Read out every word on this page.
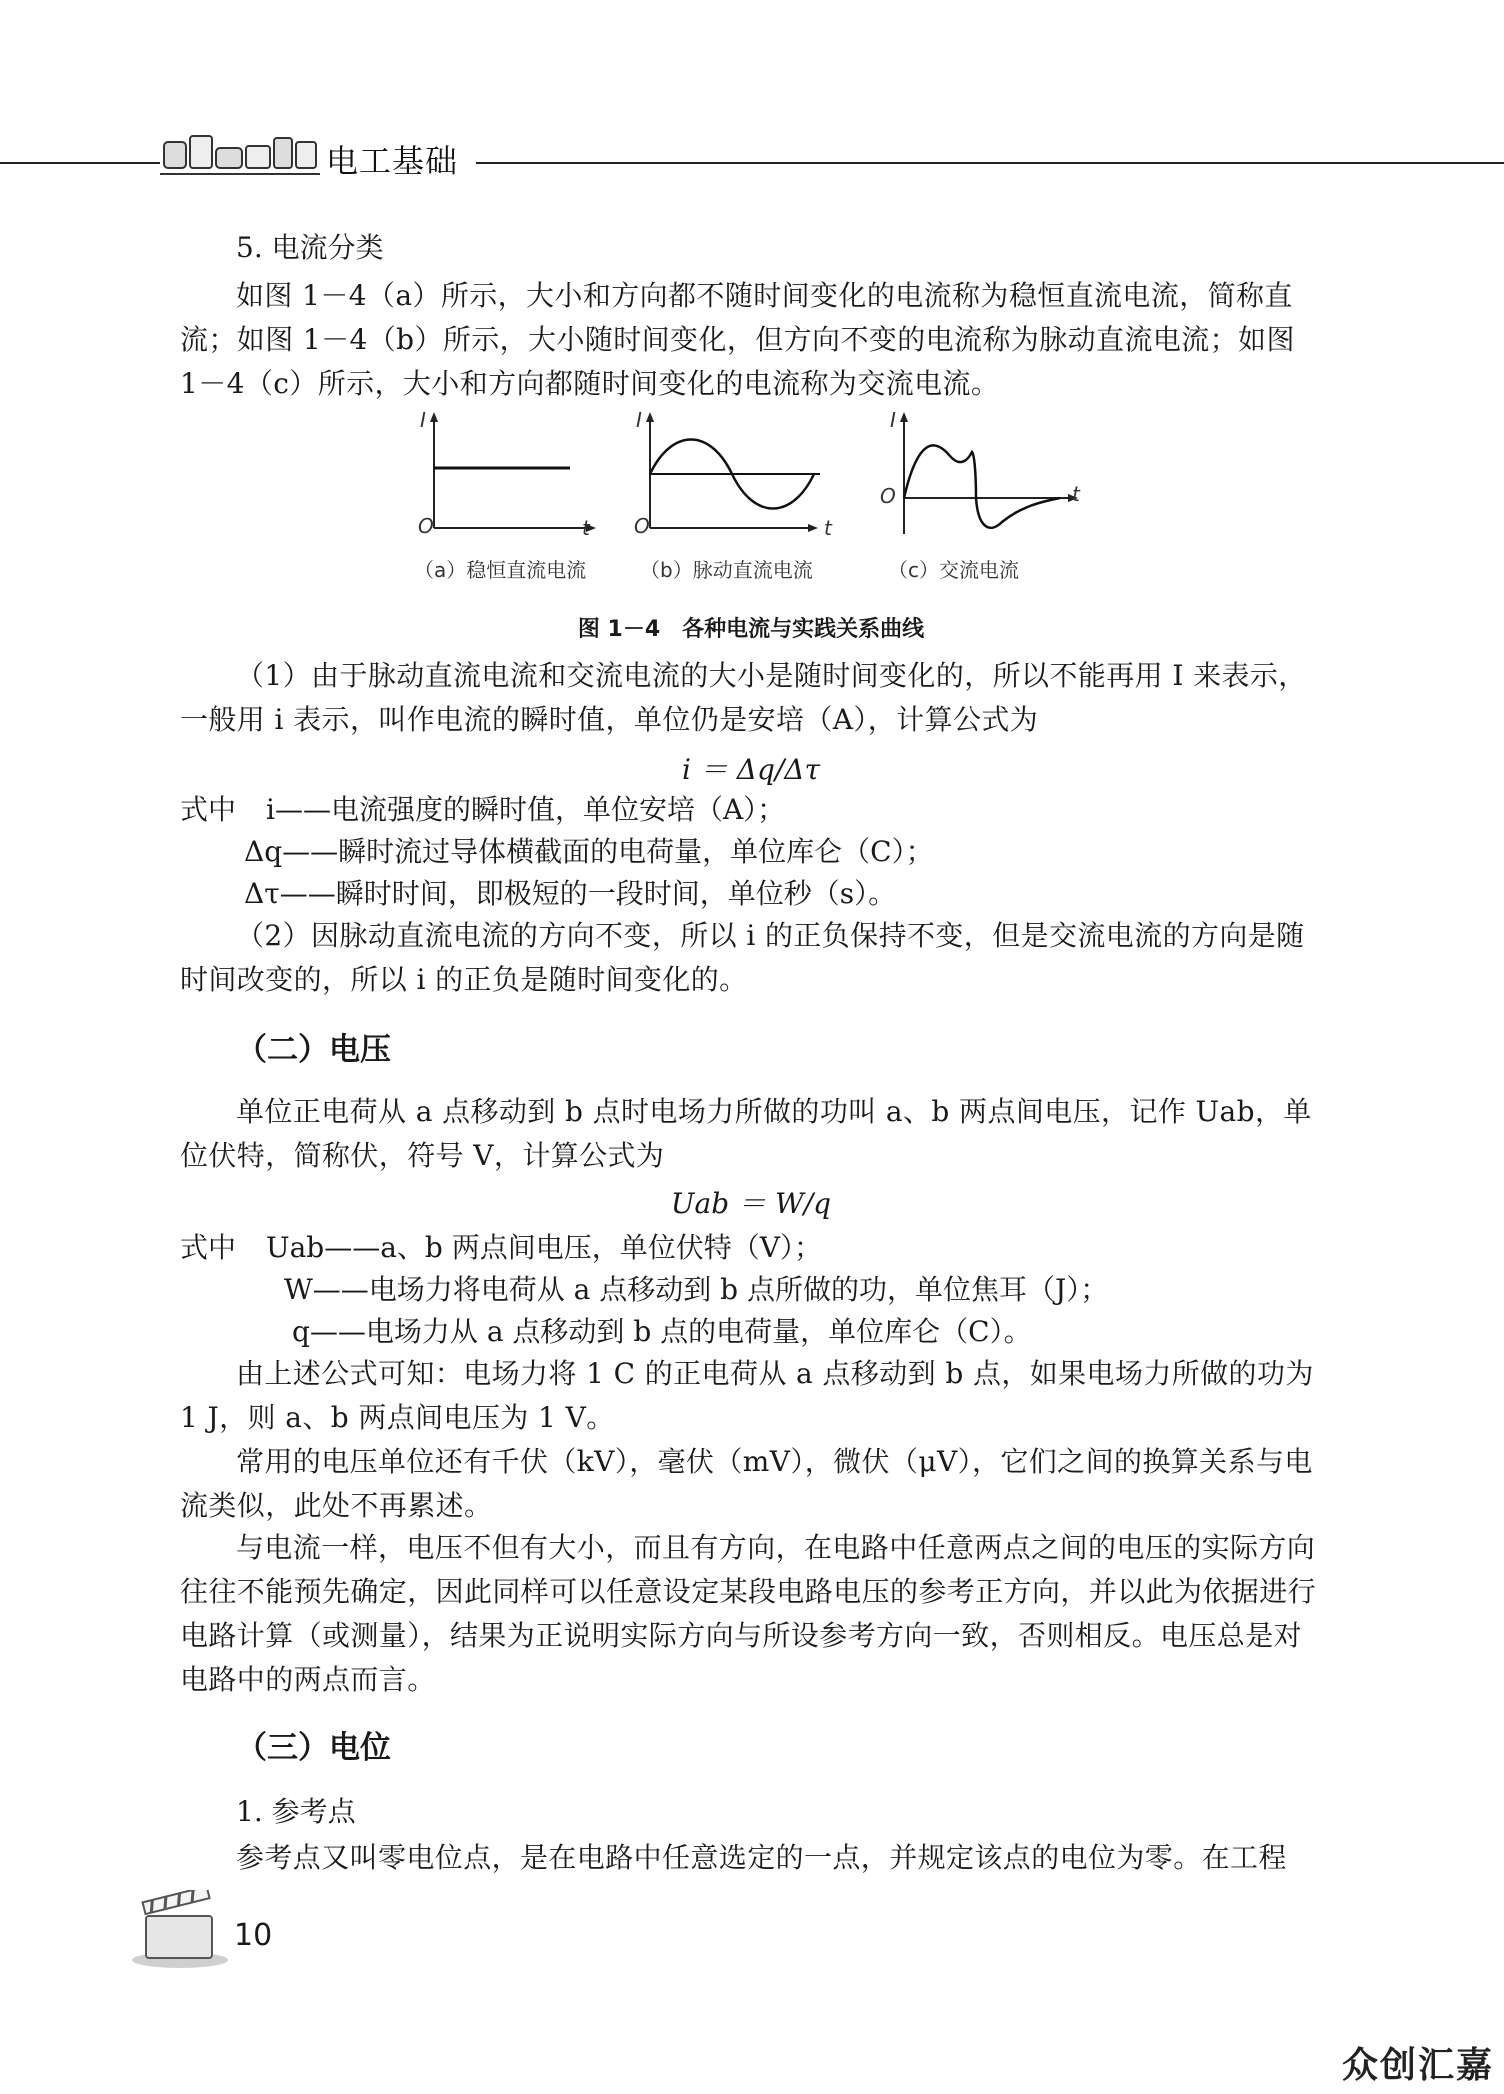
电工基础
5. 电流分类
如图 1－4（a）所示，大小和方向都不随时间变化的电流称为稳恒直流电流，简称直流；如图 1－4（b）所示，大小随时间变化，但方向不变的电流称为脉动直流电流；如图 1－4（c）所示，大小和方向都随时间变化的电流称为交流电流。
I
t
O
I
t
O
I
t
O
（a）稳恒直流电流	（b）脉动直流电流	（c）交流电流
图 1－4　各种电流与实践关系曲线
（1）由于脉动直流电流和交流电流的大小是随时间变化的，所以不能再用 I 来表示，一般用 i 表示，叫作电流的瞬时值，单位仍是安培（A），计算公式为
i ＝ Δq/Δτ
式中 i——电流强度的瞬时值，单位安培（A）；
Δq——瞬时流过导体横截面的电荷量，单位库仑（C）；
Δτ——瞬时时间，即极短的一段时间，单位秒（s）。
（2）因脉动直流电流的方向不变，所以 i 的正负保持不变，但是交流电流的方向是随时间改变的，所以 i 的正负是随时间变化的。
（二）电压
单位正电荷从 a 点移动到 b 点时电场力所做的功叫 a、b 两点间电压，记作 Uab，单位伏特，简称伏，符号 V，计算公式为
Uab ＝ W/q
式中 Uab——a、b 两点间电压，单位伏特（V）；
W——电场力将电荷从 a 点移动到 b 点所做的功，单位焦耳（J）；
q——电场力从 a 点移动到 b 点的电荷量，单位库仑（C）。
由上述公式可知：电场力将 1 C 的正电荷从 a 点移动到 b 点，如果电场力所做的功为 1 J，则 a、b 两点间电压为 1 V。
常用的电压单位还有千伏（kV），毫伏（mV），微伏（μV），它们之间的换算关系与电流类似，此处不再累述。
与电流一样，电压不但有大小，而且有方向，在电路中任意两点之间的电压的实际方向往往不能预先确定，因此同样可以任意设定某段电路电压的参考正方向，并以此为依据进行电路计算（或测量），结果为正说明实际方向与所设参考方向一致，否则相反。电压总是对电路中的两点而言。
（三）电位
1. 参考点
参考点又叫零电位点，是在电路中任意选定的一点，并规定该点的电位为零。在工程
10
众创汇嘉
